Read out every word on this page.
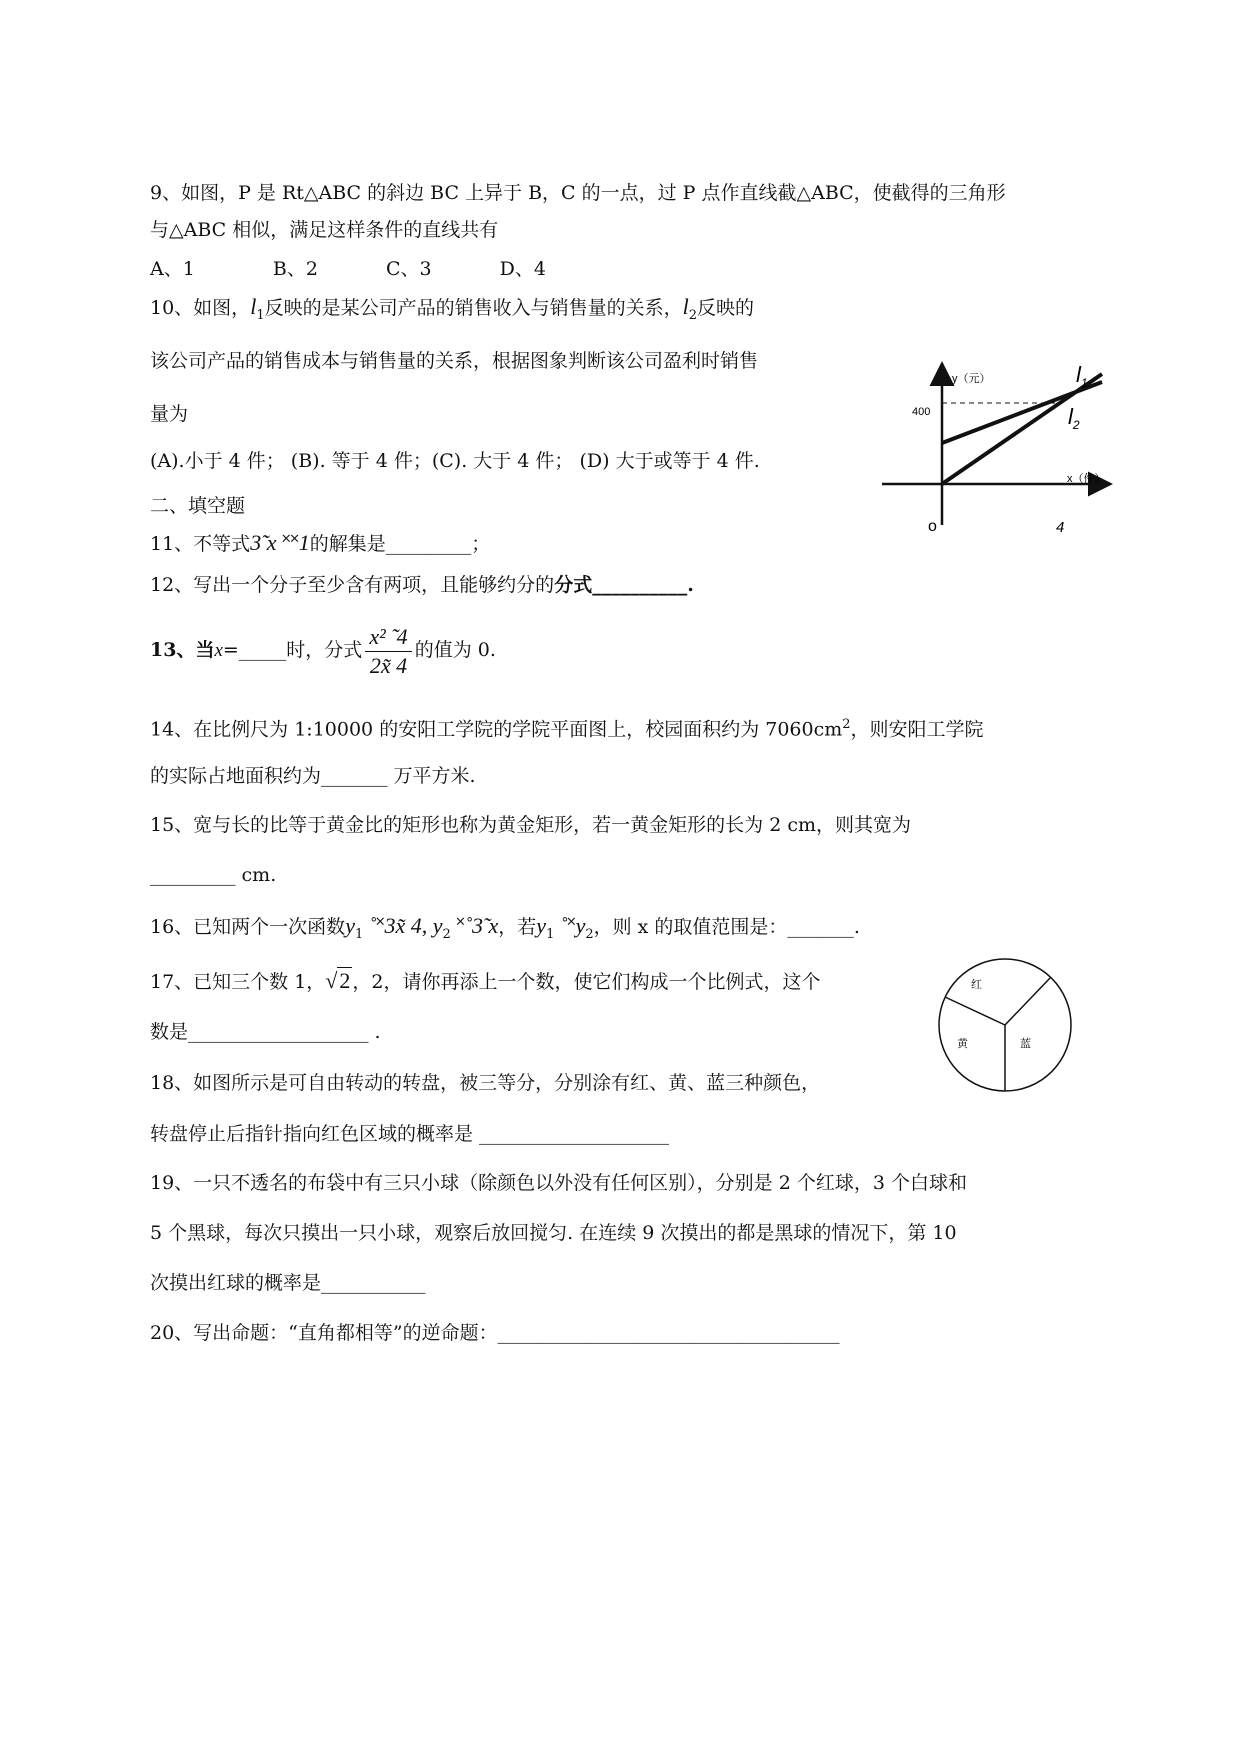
9、如图，P 是 Rt△ABC 的斜边 BC 上异于 B，C 的一点，过 P 点作直线截△ABC，使截得的三角形
与△ABC 相似，满足这样条件的直线共有
A、1	B、2	C、3	D、4
10、如图，$l_1$反映的是某公司产品的销售收入与销售量的关系，$l_2$反映的
该公司产品的销售成本与销售量的关系，根据图象判断该公司盈利时销售
量为
(A).小于 4 件； (B). 等于 4 件；(C). 大于 4 件； (D) 大于或等于 4 件.
y（元）
x（件）
400
o	4
$l_1$
$l_2$
二、填空题
11、不等式3̃ x ˟˟1的解集是_________；
12、写出一个分子至少含有两项，且能够约分的分式__________.
13、当x=_____时，分式 $\frac{\text{x² ̃ 4}}{2x̃ 4}$ 的值为 0.
14、在比例尺为 1:10000 的安阳工学院的学院平面图上，校园面积约为 $7060cm^2$，则安阳工学院
的实际占地面积约为_______ 万平方米.
15、宽与长的比等于黄金比的矩形也称为黄金矩形，若一黄金矩形的长为 2 cm，则其宽为
_________ cm.
16、已知两个一次函数$y_1$ ˚˟3x̃ 4, $y_2$ ˟˚3̃ x，若$y_1$ $˚˟y_2$，则 x 的取值范围是：_______.
17、已知三个数 1，√2 ，2，请你再添上一个数，使它们构成一个比例式，这个
数是___________________ .
红
黄	蓝
18、如图所示是可自由转动的转盘，被三等分，分别涂有红、黄、蓝三种颜色，
转盘停止后指针指向红色区域的概率是 ____________________
19、一只不透名的布袋中有三只小球（除颜色以外没有任何区别），分别是 2 个红球，3 个白球和
5 个黑球，每次只摸出一只小球，观察后放回搅匀. 在连续 9 次摸出的都是黑球的情况下，第 10
次摸出红球的概率是___________
20、写出命题：“直角都相等”的逆命题：____________________________________
